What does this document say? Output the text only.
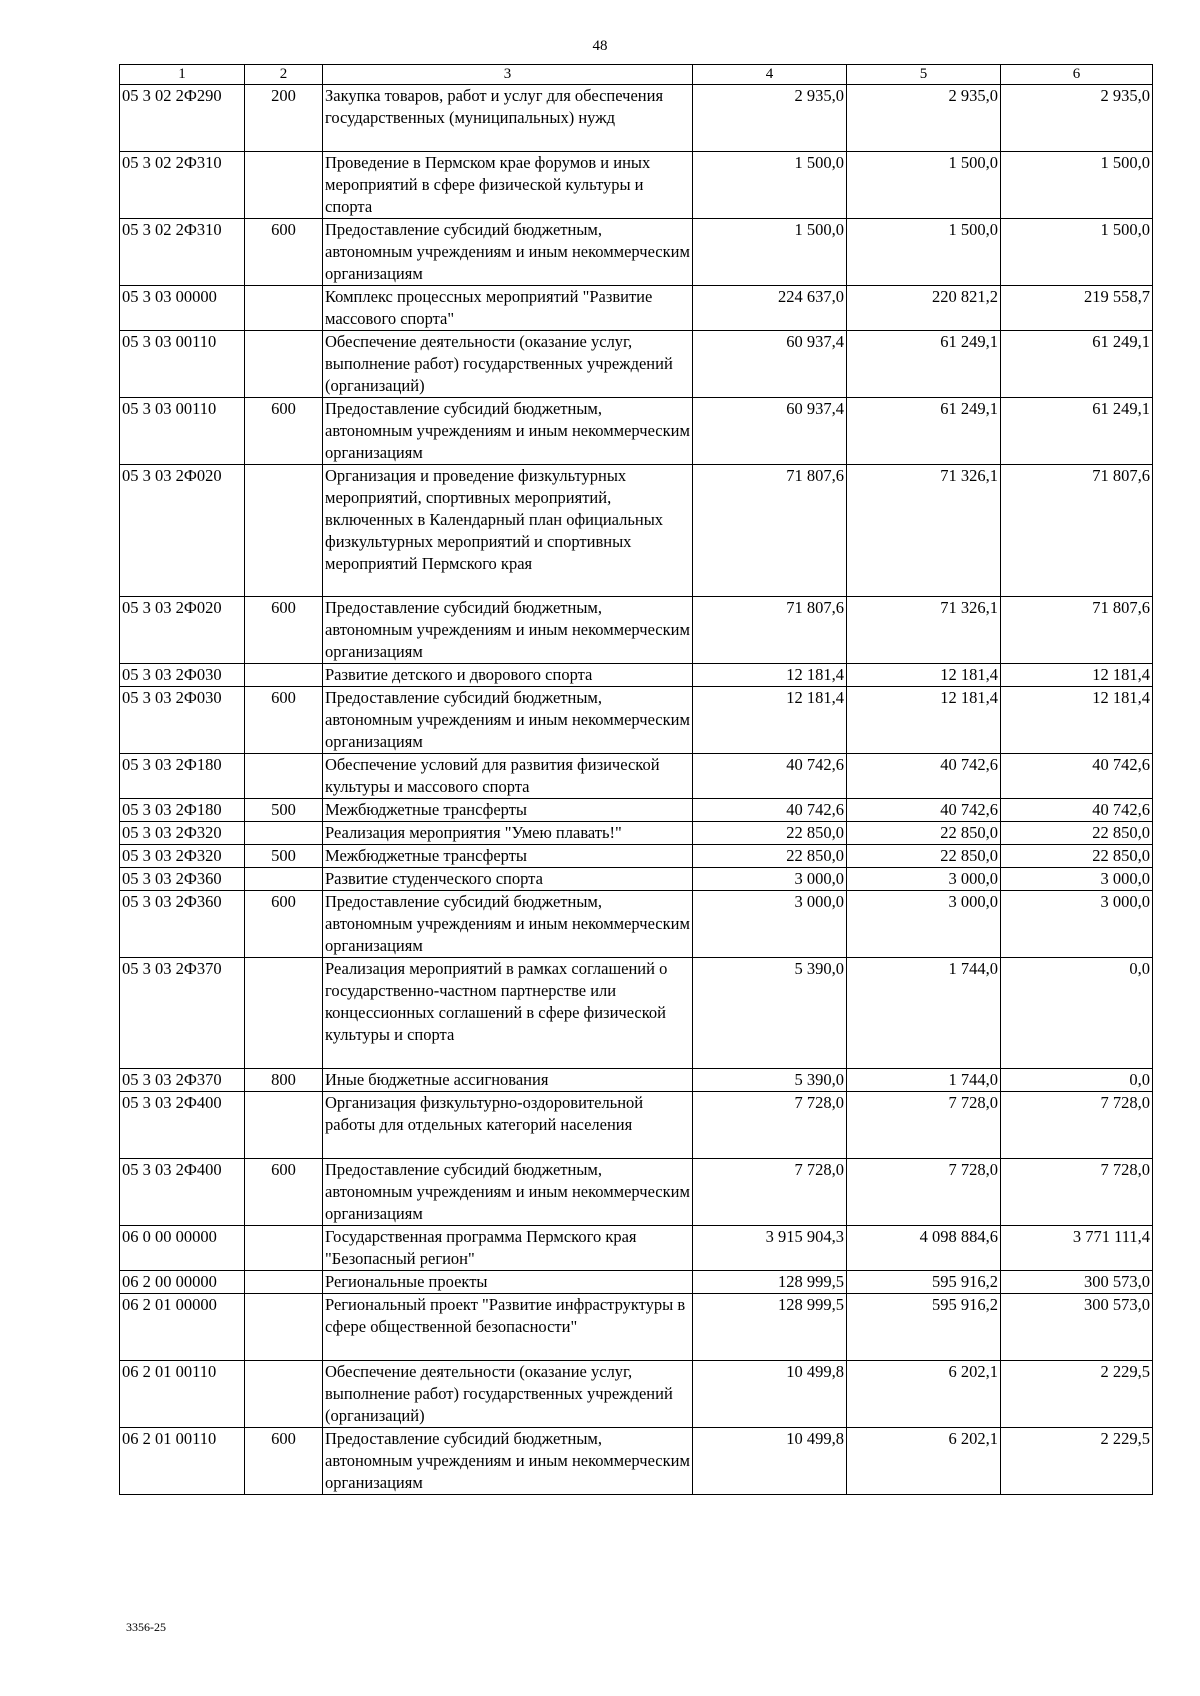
48
1	2	3	4	5	6
05 3 02 2Ф290	200	Закупка товаров, работ и услуг для обеспечения государственных (муниципальных) нужд	2 935,0	2 935,0	2 935,0
05 3 02 2Ф310		Проведение в Пермском крае форумов и иных мероприятий в сфере физической культуры и спорта	1 500,0	1 500,0	1 500,0
05 3 02 2Ф310	600	Предоставление субсидий бюджетным, автономным учреждениям и иным некоммерческим организациям	1 500,0	1 500,0	1 500,0
05 3 03 00000		Комплекс процессных мероприятий "Развитие массового спорта"	224 637,0	220 821,2	219 558,7
05 3 03 00110		Обеспечение деятельности (оказание услуг, выполнение работ) государственных учреждений (организаций)	60 937,4	61 249,1	61 249,1
05 3 03 00110	600	Предоставление субсидий бюджетным, автономным учреждениям и иным некоммерческим организациям	60 937,4	61 249,1	61 249,1
05 3 03 2Ф020		Организация и проведение физкультурных мероприятий, спортивных мероприятий, включенных в Календарный план официальных физкультурных мероприятий и спортивных мероприятий Пермского края	71 807,6	71 326,1	71 807,6
05 3 03 2Ф020	600	Предоставление субсидий бюджетным, автономным учреждениям и иным некоммерческим организациям	71 807,6	71 326,1	71 807,6
05 3 03 2Ф030		Развитие детского и дворового спорта	12 181,4	12 181,4	12 181,4
05 3 03 2Ф030	600	Предоставление субсидий бюджетным, автономным учреждениям и иным некоммерческим организациям	12 181,4	12 181,4	12 181,4
05 3 03 2Ф180		Обеспечение условий для развития физической культуры и массового спорта	40 742,6	40 742,6	40 742,6
05 3 03 2Ф180	500	Межбюджетные трансферты	40 742,6	40 742,6	40 742,6
05 3 03 2Ф320		Реализация мероприятия "Умею плавать!"	22 850,0	22 850,0	22 850,0
05 3 03 2Ф320	500	Межбюджетные трансферты	22 850,0	22 850,0	22 850,0
05 3 03 2Ф360		Развитие студенческого спорта	3 000,0	3 000,0	3 000,0
05 3 03 2Ф360	600	Предоставление субсидий бюджетным, автономным учреждениям и иным некоммерческим организациям	3 000,0	3 000,0	3 000,0
05 3 03 2Ф370		Реализация мероприятий в рамках соглашений о государственно-частном партнерстве или концессионных соглашений в сфере физической культуры и спорта	5 390,0	1 744,0	0,0
05 3 03 2Ф370	800	Иные бюджетные ассигнования	5 390,0	1 744,0	0,0
05 3 03 2Ф400		Организация физкультурно-оздоровительной работы для отдельных категорий населения	7 728,0	7 728,0	7 728,0
05 3 03 2Ф400	600	Предоставление субсидий бюджетным, автономным учреждениям и иным некоммерческим организациям	7 728,0	7 728,0	7 728,0
06 0 00 00000		Государственная программа Пермского края "Безопасный регион"	3 915 904,3	4 098 884,6	3 771 111,4
06 2 00 00000		Региональные проекты	128 999,5	595 916,2	300 573,0
06 2 01 00000		Региональный проект "Развитие инфраструктуры в сфере общественной безопасности"	128 999,5	595 916,2	300 573,0
06 2 01 00110		Обеспечение деятельности (оказание услуг, выполнение работ) государственных учреждений (организаций)	10 499,8	6 202,1	2 229,5
06 2 01 00110	600	Предоставление субсидий бюджетным, автономным учреждениям и иным некоммерческим организациям	10 499,8	6 202,1	2 229,5
3356-25
